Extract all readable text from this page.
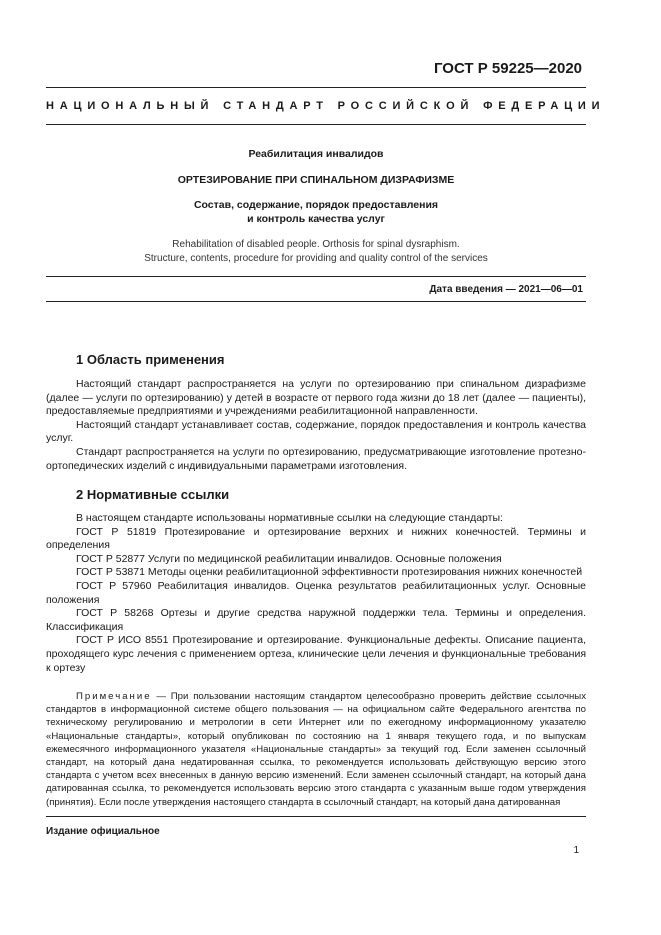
ГОСТ Р 59225—2020
НАЦИОНАЛЬНЫЙ СТАНДАРТ РОССИЙСКОЙ ФЕДЕРАЦИИ
Реабилитация инвалидов
ОРТЕЗИРОВАНИЕ ПРИ СПИНАЛЬНОМ ДИЗРАФИЗМЕ
Состав, содержание, порядок предоставления
и контроль качества услуг
Rehabilitation of disabled people. Orthosis for spinal dysraphism.
Structure, contents, procedure for providing and quality control of the services
Дата введения — 2021—06—01
1 Область применения

Настоящий стандарт распространяется на услуги по ортезированию при спинальном дизрафизме (далее — услуги по ортезированию) у детей в возрасте от первого года жизни до 18 лет (далее — пациенты), предоставляемые предприятиями и учреждениями реабилитационной направленности.

Настоящий стандарт устанавливает состав, содержание, порядок предоставления и контроль качества услуг.

Стандарт распространяется на услуги по ортезированию, предусматривающие изготовление протезно-ортопедических изделий с индивидуальными параметрами изготовления.

2 Нормативные ссылки

В настоящем стандарте использованы нормативные ссылки на следующие стандарты:

ГОСТ Р 51819 Протезирование и ортезирование верхних и нижних конечностей. Термины и определения

ГОСТ Р 52877 Услуги по медицинской реабилитации инвалидов. Основные положения

ГОСТ Р 53871 Методы оценки реабилитационной эффективности протезирования нижних конечностей

ГОСТ Р 57960 Реабилитация инвалидов. Оценка результатов реабилитационных услуг. Основные положения

ГОСТ Р 58268 Ортезы и другие средства наружной поддержки тела. Термины и определения. Классификация

ГОСТ Р ИСО 8551 Протезирование и ортезирование. Функциональные дефекты. Описание пациента, проходящего курс лечения с применением ортеза, клинические цели лечения и функциональные требования к ортезу

Примечание — При пользовании настоящим стандартом целесообразно проверить действие ссылочных стандартов в информационной системе общего пользования — на официальном сайте Федерального агентства по техническому регулированию и метрологии в сети Интернет или по ежегодному информационному указателю «Национальные стандарты», который опубликован по состоянию на 1 января текущего года, и по выпускам ежемесячного информационного указателя «Национальные стандарты» за текущий год. Если заменен ссылочный стандарт, на который дана недатированная ссылка, то рекомендуется использовать действующую версию этого стандарта с учетом всех внесенных в данную версию изменений. Если заменен ссылочный стандарт, на который дана датированная ссылка, то рекомендуется использовать версию этого стандарта с указанным выше годом утверждения (принятия). Если после утверждения настоящего стандарта в ссылочный стандарт, на который дана датированная

Издание официальное
1
